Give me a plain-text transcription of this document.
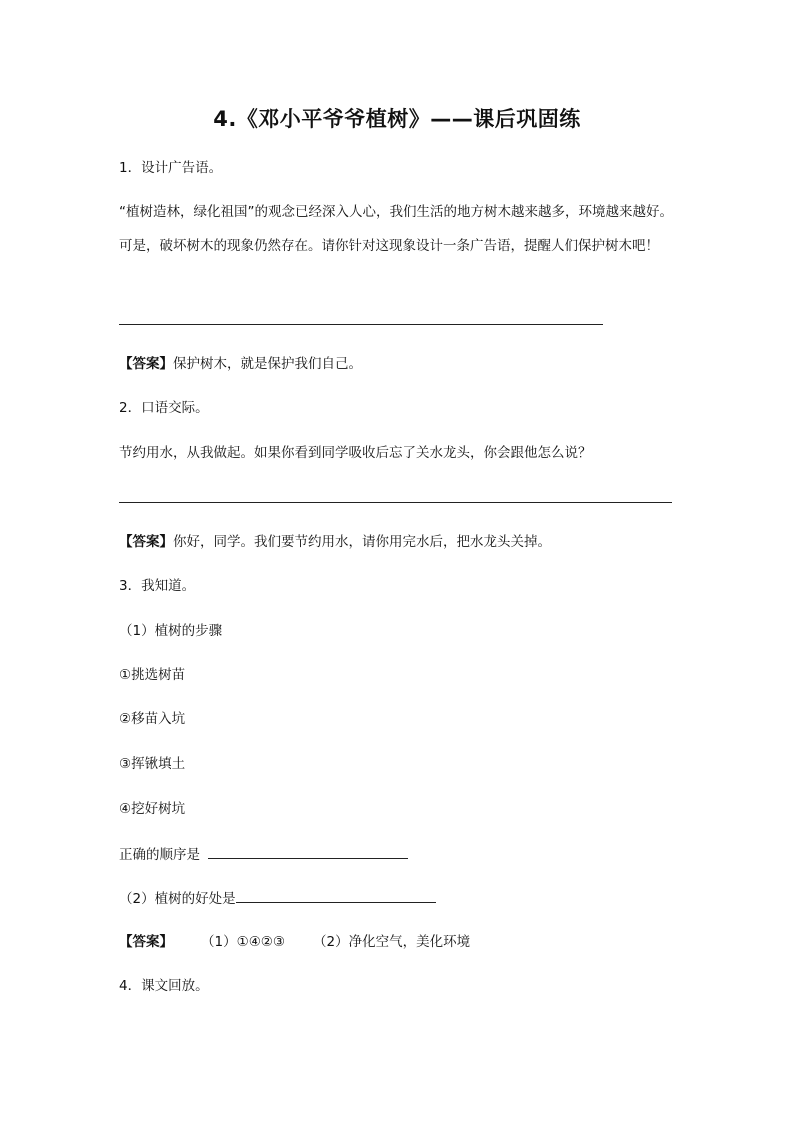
4.《邓小平爷爷植树》——课后巩固练
1．设计广告语。
“植树造林，绿化祖国”的观念已经深入人心，我们生活的地方树木越来越多，环境越来越好。可是，破坏树木的现象仍然存在。请你针对这现象设计一条广告语，提醒人们保护树木吧！
【答案】保护树木，就是保护我们自己。
2．口语交际。
节约用水，从我做起。如果你看到同学吸收后忘了关水龙头，你会跟他怎么说？
【答案】你好，同学。我们要节约用水，请你用完水后，把水龙头关掉。
3．我知道。
（1）植树的步骤
①挑选树苗
②移苗入坑
③挥锹填土
④挖好树坑
正确的顺序是
（2）植树的好处是
【答案】 （1）①④②③ （2）净化空气，美化环境
4．课文回放。
